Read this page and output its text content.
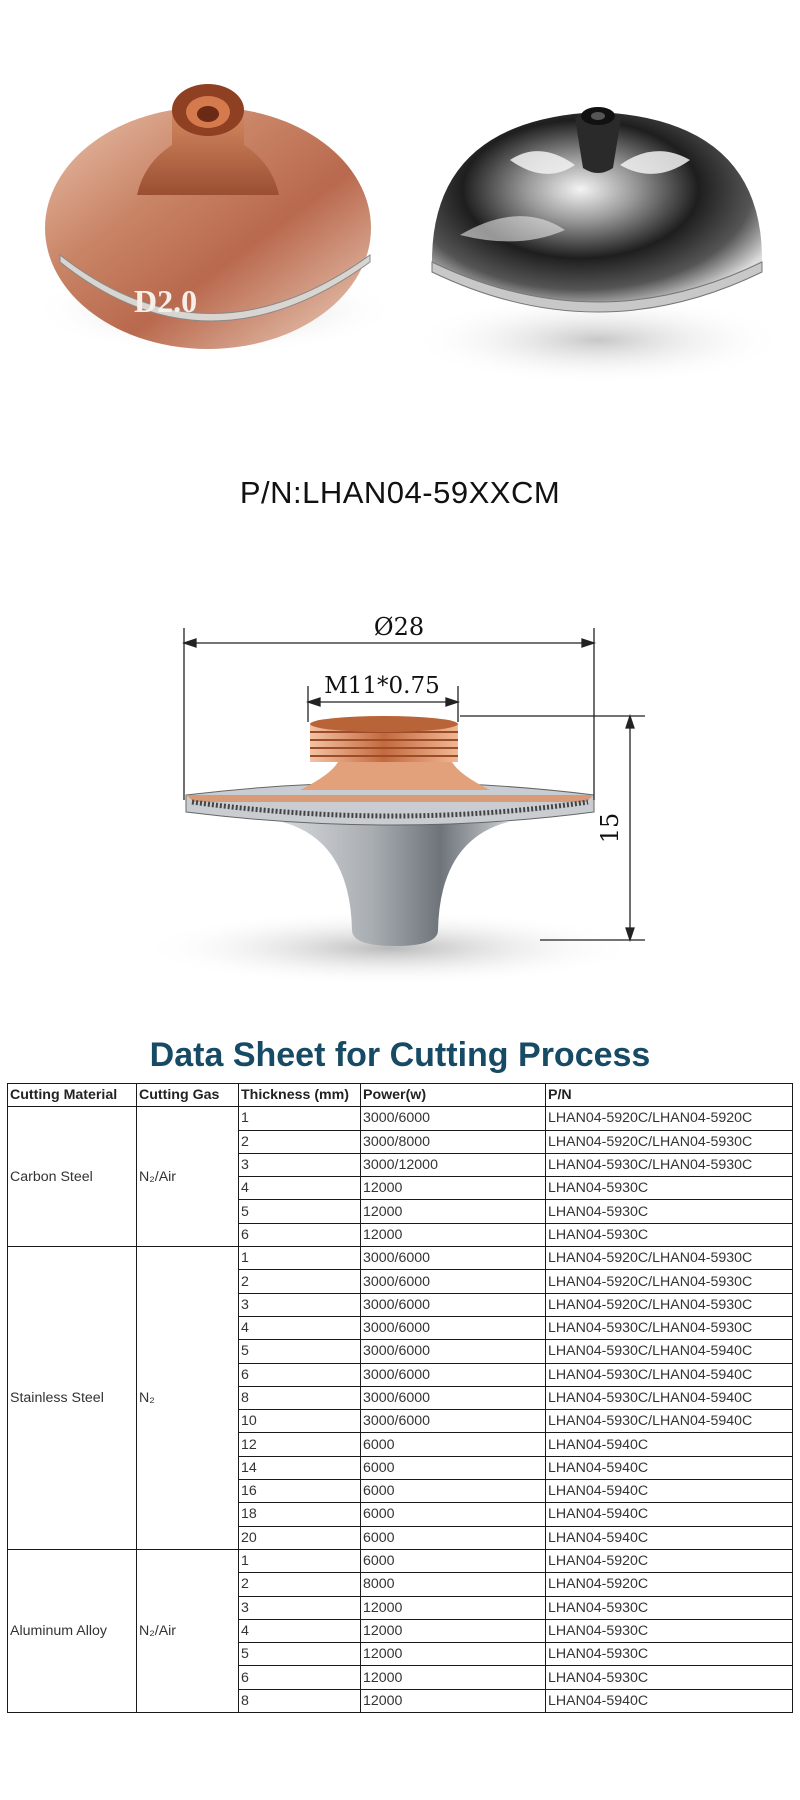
D2.0
P/N:LHAN04-59XXCM
Ø28
M11*0.75
15
Data Sheet for Cutting Process
Cutting Material	Cutting Gas	Thickness (mm)	Power(w)	P/N
Carbon Steel	N₂/Air	1	3000/6000	LHAN04-5920C/LHAN04-5920C
		2	3000/8000	LHAN04-5920C/LHAN04-5930C
		3	3000/12000	LHAN04-5930C/LHAN04-5930C
		4	12000	LHAN04-5930C
		5	12000	LHAN04-5930C
		6	12000	LHAN04-5930C
Stainless Steel	N₂	1	3000/6000	LHAN04-5920C/LHAN04-5930C
		2	3000/6000	LHAN04-5920C/LHAN04-5930C
		3	3000/6000	LHAN04-5920C/LHAN04-5930C
		4	3000/6000	LHAN04-5930C/LHAN04-5930C
		5	3000/6000	LHAN04-5930C/LHAN04-5940C
		6	3000/6000	LHAN04-5930C/LHAN04-5940C
		8	3000/6000	LHAN04-5930C/LHAN04-5940C
		10	3000/6000	LHAN04-5930C/LHAN04-5940C
		12	6000	LHAN04-5940C
		14	6000	LHAN04-5940C
		16	6000	LHAN04-5940C
		18	6000	LHAN04-5940C
		20	6000	LHAN04-5940C
Aluminum Alloy	N₂/Air	1	6000	LHAN04-5920C
		2	8000	LHAN04-5920C
		3	12000	LHAN04-5930C
		4	12000	LHAN04-5930C
		5	12000	LHAN04-5930C
		6	12000	LHAN04-5930C
		8	12000	LHAN04-5940C
